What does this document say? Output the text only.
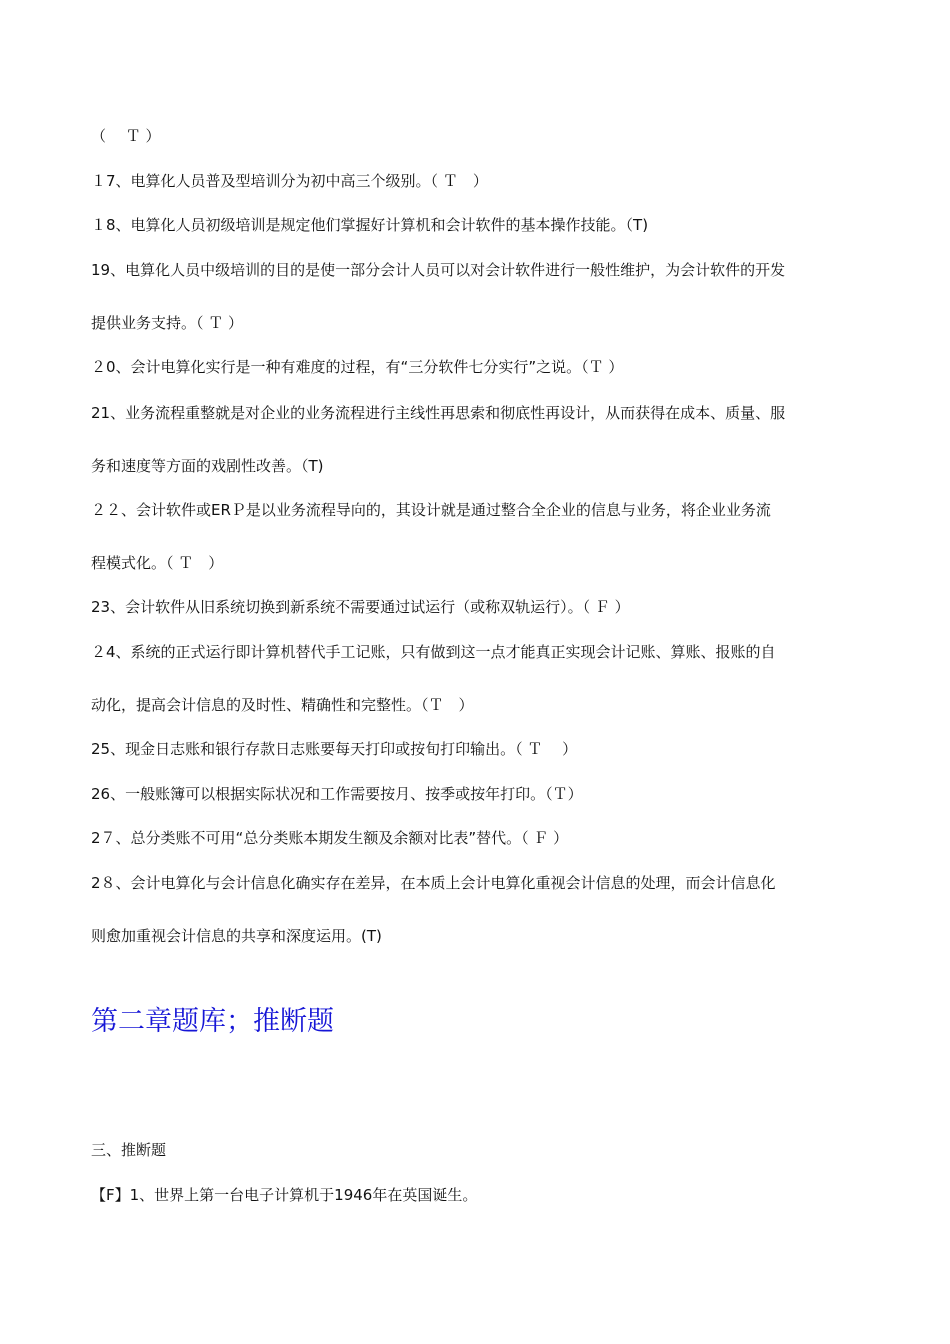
（　 Ｔ ）
１7、电算化人员普及型培训分为初中高三个级别。（ Ｔ　）
１8、电算化人员初级培训是规定他们掌握好计算机和会计软件的基本操作技能。（T)
19、电算化人员中级培训的目的是使一部分会计人员可以对会计软件进行一般性维护，为会计软件的开发
提供业务支持。（ Ｔ ）
２0、会计电算化实行是一种有难度的过程，有“三分软件七分实行”之说。（Ｔ ）
21、业务流程重整就是对企业的业务流程进行主线性再思索和彻底性再设计，从而获得在成本、质量、服
务和速度等方面的戏剧性改善。（T)
２２、会计软件或ERＰ是以业务流程导向的，其设计就是通过整合全企业的信息与业务，将企业业务流
程模式化。（ Ｔ　）
23、会计软件从旧系统切换到新系统不需要通过试运行（或称双轨运行）。（ Ｆ ）
２4、系统的正式运行即计算机替代手工记账，只有做到这一点才能真正实现会计记账、算账、报账的自
动化，提高会计信息的及时性、精确性和完整性。（Ｔ　）
25、现金日志账和银行存款日志账要每天打印或按旬打印输出。（ Ｔ　 ）
26、一般账簿可以根据实际状况和工作需要按月、按季或按年打印。（Ｔ）
2７、总分类账不可用“总分类账本期发生额及余额对比表”替代。（ Ｆ ）
2８、会计电算化与会计信息化确实存在差异，在本质上会计电算化重视会计信息的处理，而会计信息化
则愈加重视会计信息的共享和深度运用。(T)
第二章题库；推断题
三、推断题
【F】1、世界上第一台电子计算机于1946年在英国诞生。
